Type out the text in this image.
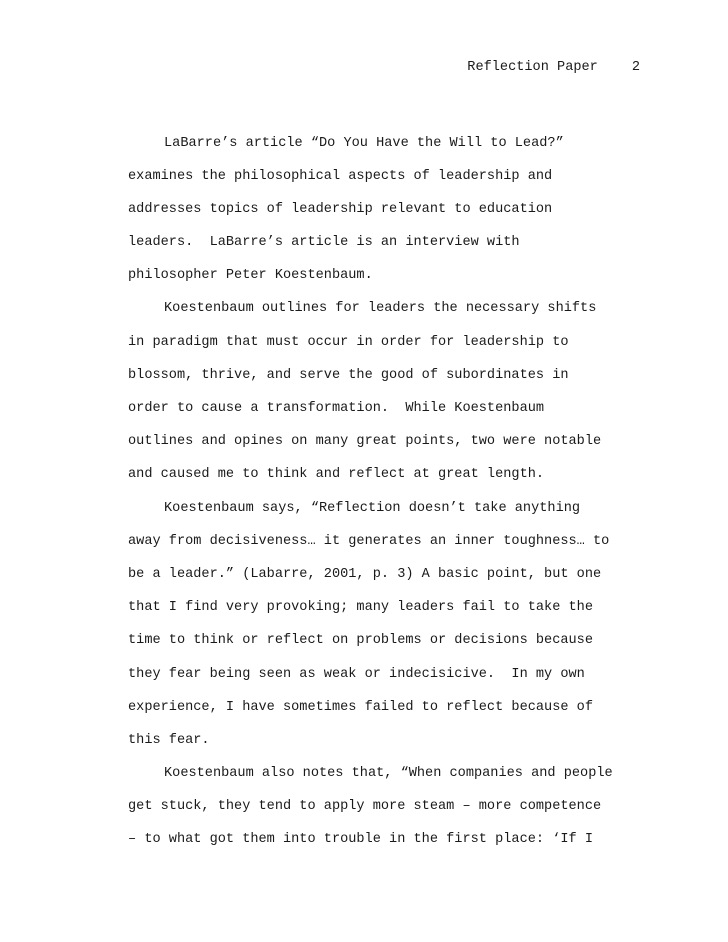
Reflection Paper	2
LaBarre’s article “Do You Have the Will to Lead?”
examines the philosophical aspects of leadership and
addresses topics of leadership relevant to education
leaders.  LaBarre’s article is an interview with
philosopher Peter Koestenbaum.
Koestenbaum outlines for leaders the necessary shifts
in paradigm that must occur in order for leadership to
blossom, thrive, and serve the good of subordinates in
order to cause a transformation.  While Koestenbaum
outlines and opines on many great points, two were notable
and caused me to think and reflect at great length.
Koestenbaum says, “Reflection doesn’t take anything
away from decisiveness… it generates an inner toughness… to
be a leader.” (Labarre, 2001, p. 3) A basic point, but one
that I find very provoking; many leaders fail to take the
time to think or reflect on problems or decisions because
they fear being seen as weak or indecisicive.  In my own
experience, I have sometimes failed to reflect because of
this fear.
Koestenbaum also notes that, “When companies and people
get stuck, they tend to apply more steam – more competence
– to what got them into trouble in the first place: ‘If I
